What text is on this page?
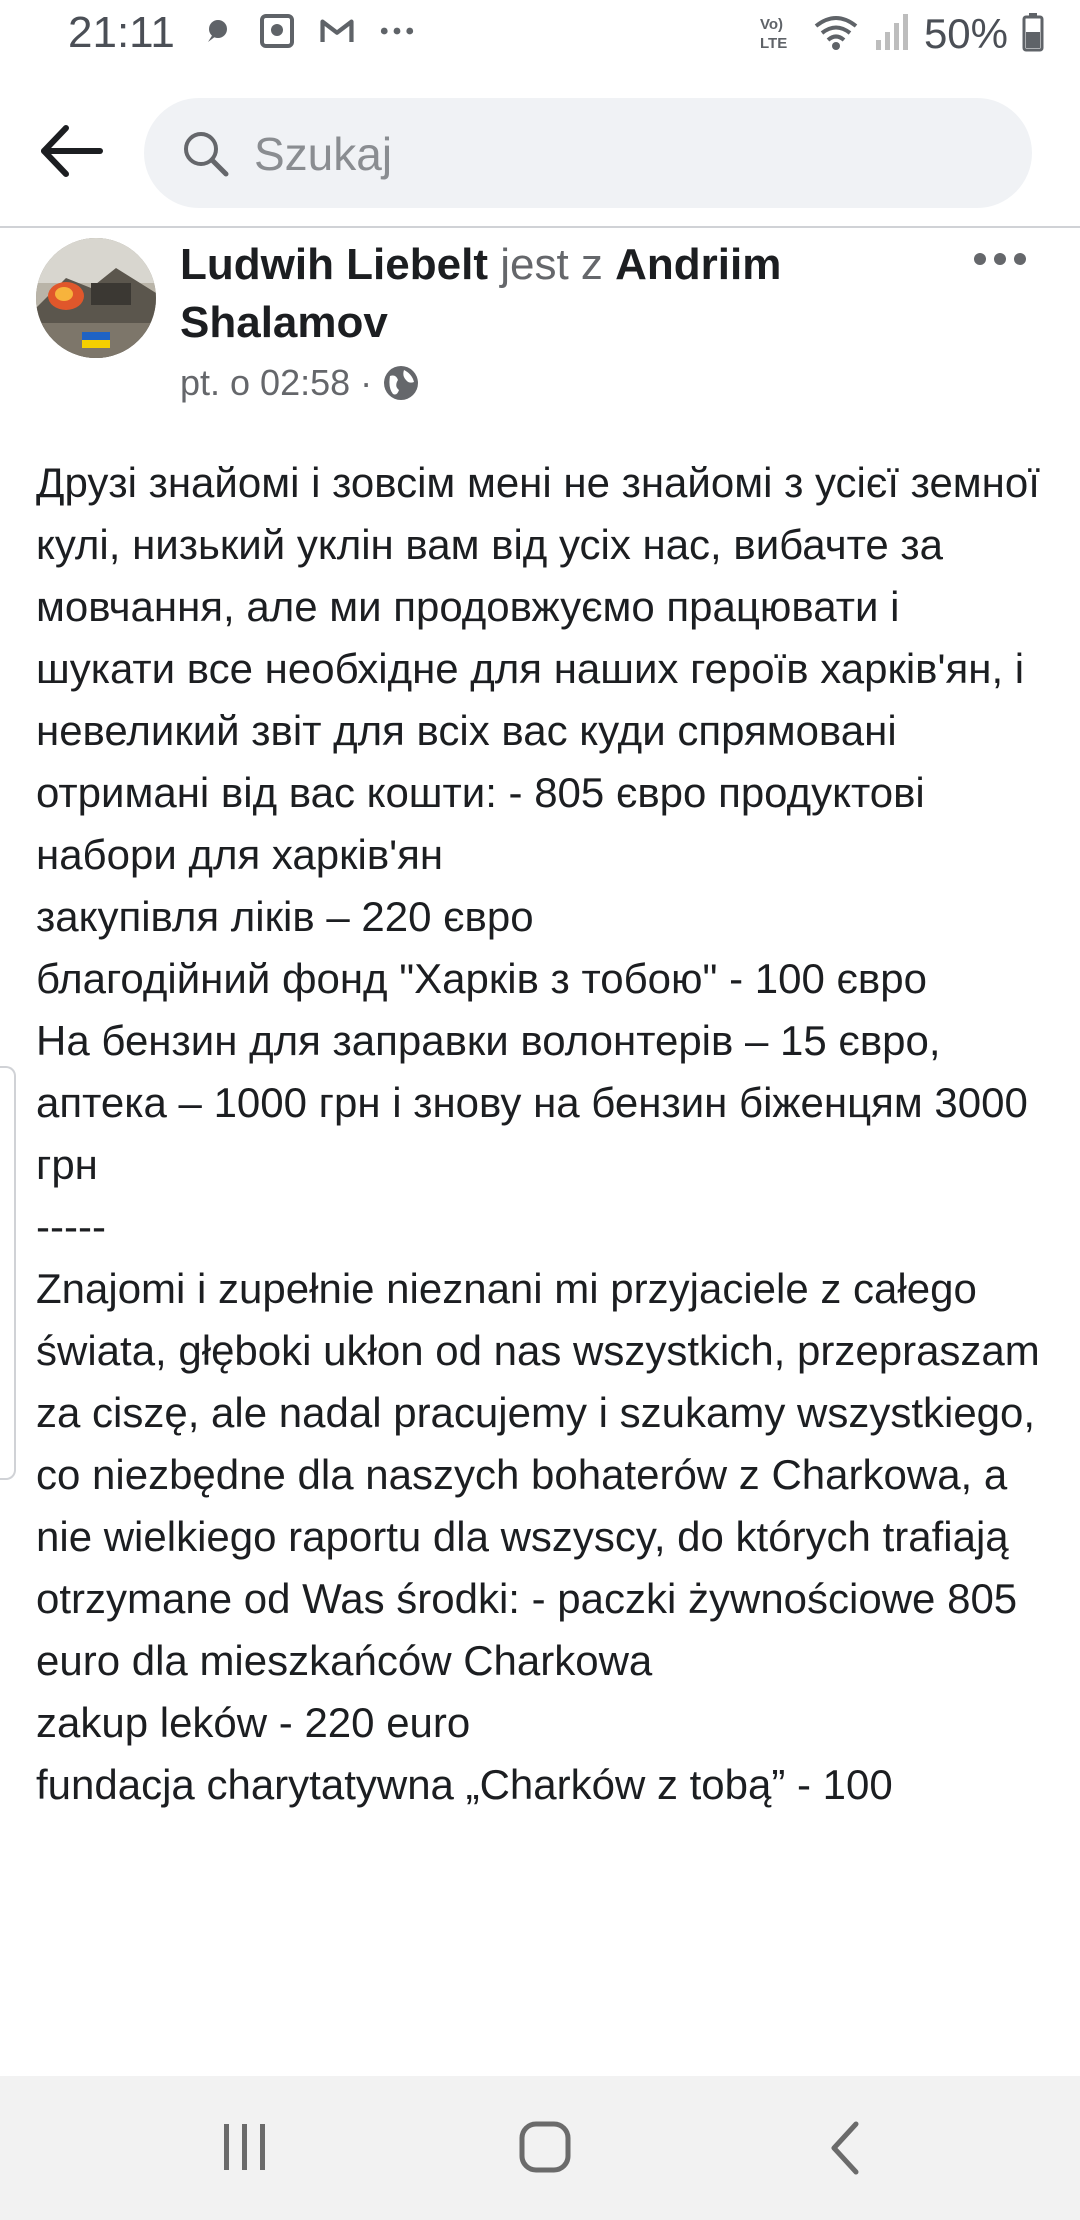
21:11	Vo)
LTE	50%
Szukaj
Ludwih Liebelt jest z Andriim Shalamov
pt. o 02:58 ·
Друзі знайомі і зовсім мені не знайомі з усієї земної кулі, низький уклін вам від усіх нас, вибачте за мовчання, але ми продовжуємо працювати і шукати все необхідне для наших героїв харків'ян, і невеликий звіт для всіх вас куди спрямовані отримані від вас кошти: - 805 євро продуктові набори для харків'ян
закупівля ліків – 220 євро
благодійний фонд "Харків з тобою" - 100 євро
На бензин для заправки волонтерів – 15 євро, аптека – 1000 грн і знову на бензин біженцям 3000 грн
-----
Znajomi i zupełnie nieznani mi przyjaciele z całego świata, głęboki ukłon od nas wszystkich, przepraszam za ciszę, ale nadal pracujemy i szukamy wszystkiego, co niezbędne dla naszych bohaterów z Charkowa, a nie wielkiego raportu dla wszyscy, do których trafiają otrzymane od Was środki: - paczki żywnościowe 805 euro dla mieszkańców Charkowa
zakup leków - 220 euro
fundacja charytatywna „Charków z tobą” - 100
